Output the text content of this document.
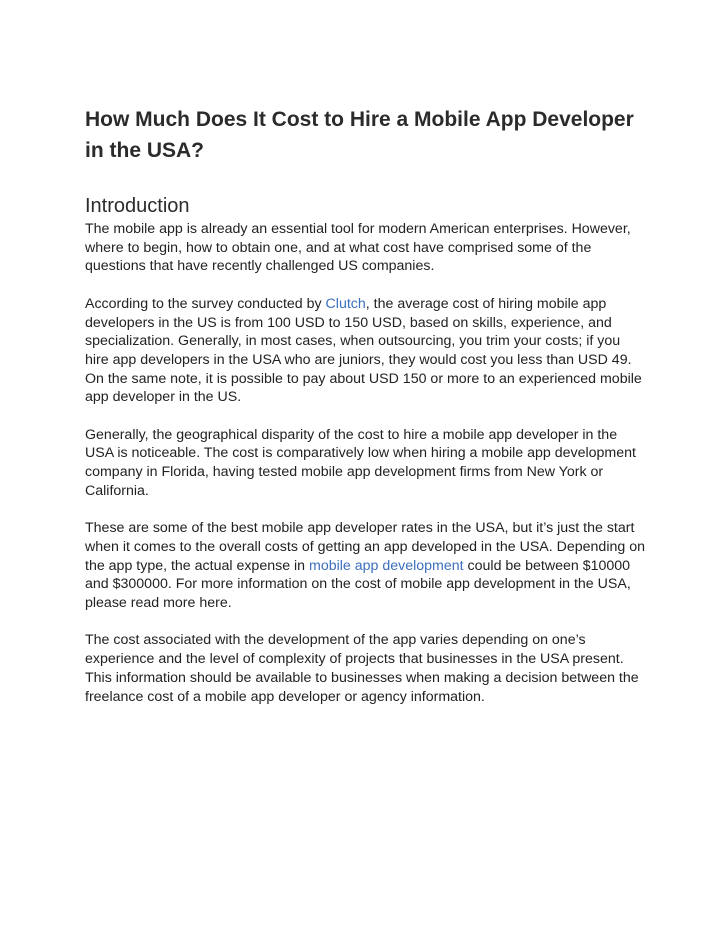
How Much Does It Cost to Hire a Mobile App Developer in the USA?
Introduction

The mobile app is already an essential tool for modern American enterprises. However, where to begin, how to obtain one, and at what cost have comprised some of the questions that have recently challenged US companies.

According to the survey conducted by Clutch, the average cost of hiring mobile app developers in the US is from 100 USD to 150 USD, based on skills, experience, and specialization. Generally, in most cases, when outsourcing, you trim your costs; if you hire app developers in the USA who are juniors, they would cost you less than USD 49. On the same note, it is possible to pay about USD 150 or more to an experienced mobile app developer in the US.

Generally, the geographical disparity of the cost to hire a mobile app developer in the USA is noticeable. The cost is comparatively low when hiring a mobile app development company in Florida, having tested mobile app development firms from New York or California.

These are some of the best mobile app developer rates in the USA, but it’s just the start when it comes to the overall costs of getting an app developed in the USA. Depending on the app type, the actual expense in mobile app development could be between $10000 and $300000. For more information on the cost of mobile app development in the USA, please read more here.

The cost associated with the development of the app varies depending on one’s experience and the level of complexity of projects that businesses in the USA present. This information should be available to businesses when making a decision between the freelance cost of a mobile app developer or agency information.
